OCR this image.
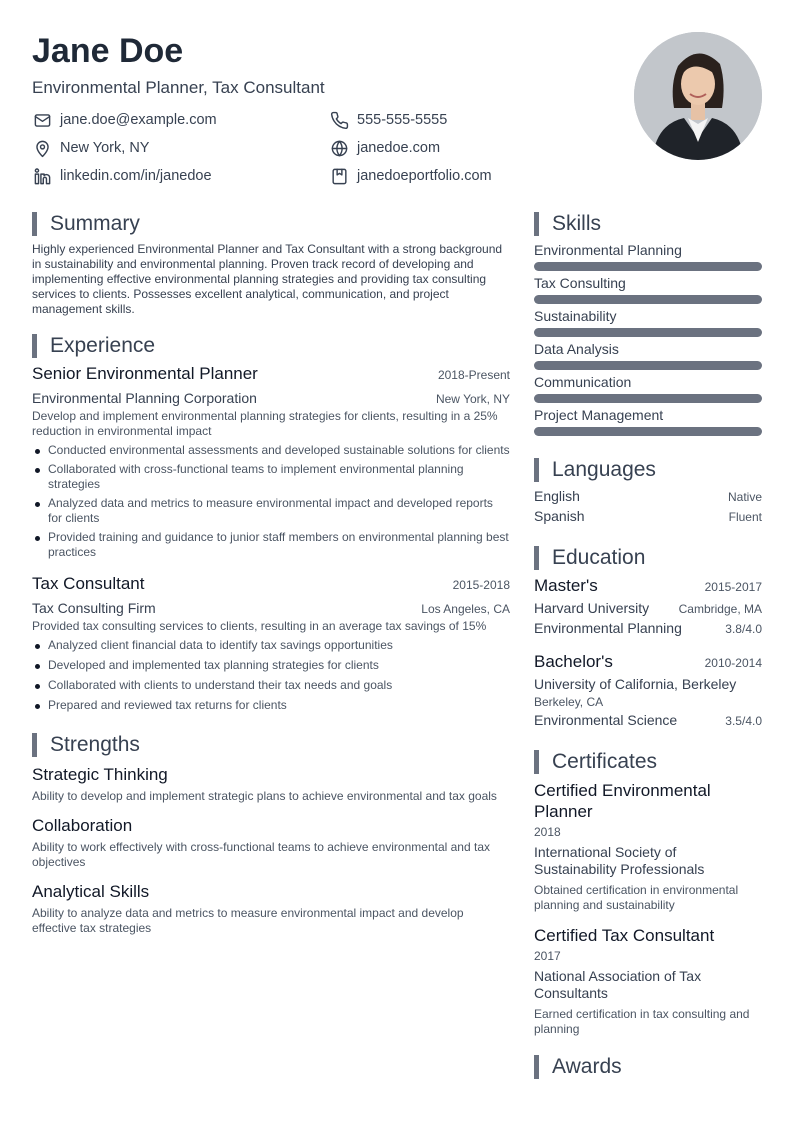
Jane Doe
Environmental Planner, Tax Consultant
jane.doe@example.com	555-555-5555
New York, NY	janedoe.com
linkedin.com/in/janedoe	janedoeportfolio.com
Summary
Highly experienced Environmental Planner and Tax Consultant with a strong background in sustainability and environmental planning. Proven track record of developing and implementing effective environmental planning strategies and providing tax consulting services to clients. Possesses excellent analytical, communication, and project management skills.
Experience
Senior Environmental Planner	2018-Present
Environmental Planning Corporation	New York, NY
Develop and implement environmental planning strategies for clients, resulting in a 25% reduction in environmental impact
Conducted environmental assessments and developed sustainable solutions for clients
Collaborated with cross-functional teams to implement environmental planning strategies
Analyzed data and metrics to measure environmental impact and developed reports for clients
Provided training and guidance to junior staff members on environmental planning best practices
Tax Consultant	2015-2018
Tax Consulting Firm	Los Angeles, CA
Provided tax consulting services to clients, resulting in an average tax savings of 15%
Analyzed client financial data to identify tax savings opportunities
Developed and implemented tax planning strategies for clients
Collaborated with clients to understand their tax needs and goals
Prepared and reviewed tax returns for clients
Strengths
Strategic Thinking
Ability to develop and implement strategic plans to achieve environmental and tax goals
Collaboration
Ability to work effectively with cross-functional teams to achieve environmental and tax objectives
Analytical Skills
Ability to analyze data and metrics to measure environmental impact and develop effective tax strategies
Skills
Environmental Planning
Tax Consulting
Sustainability
Data Analysis
Communication
Project Management
Languages
English	Native
Spanish	Fluent
Education
Master's	2015-2017
Harvard University Cambridge, MA
Environmental Planning	3.8/4.0
Bachelor's	2010-2014
University of California, Berkeley
Berkeley, CA
Environmental Science	3.5/4.0
Certificates
Certified Environmental Planner
2018
International Society of Sustainability Professionals
Obtained certification in environmental planning and sustainability
Certified Tax Consultant
2017
National Association of Tax Consultants
Earned certification in tax consulting and planning
Awards
